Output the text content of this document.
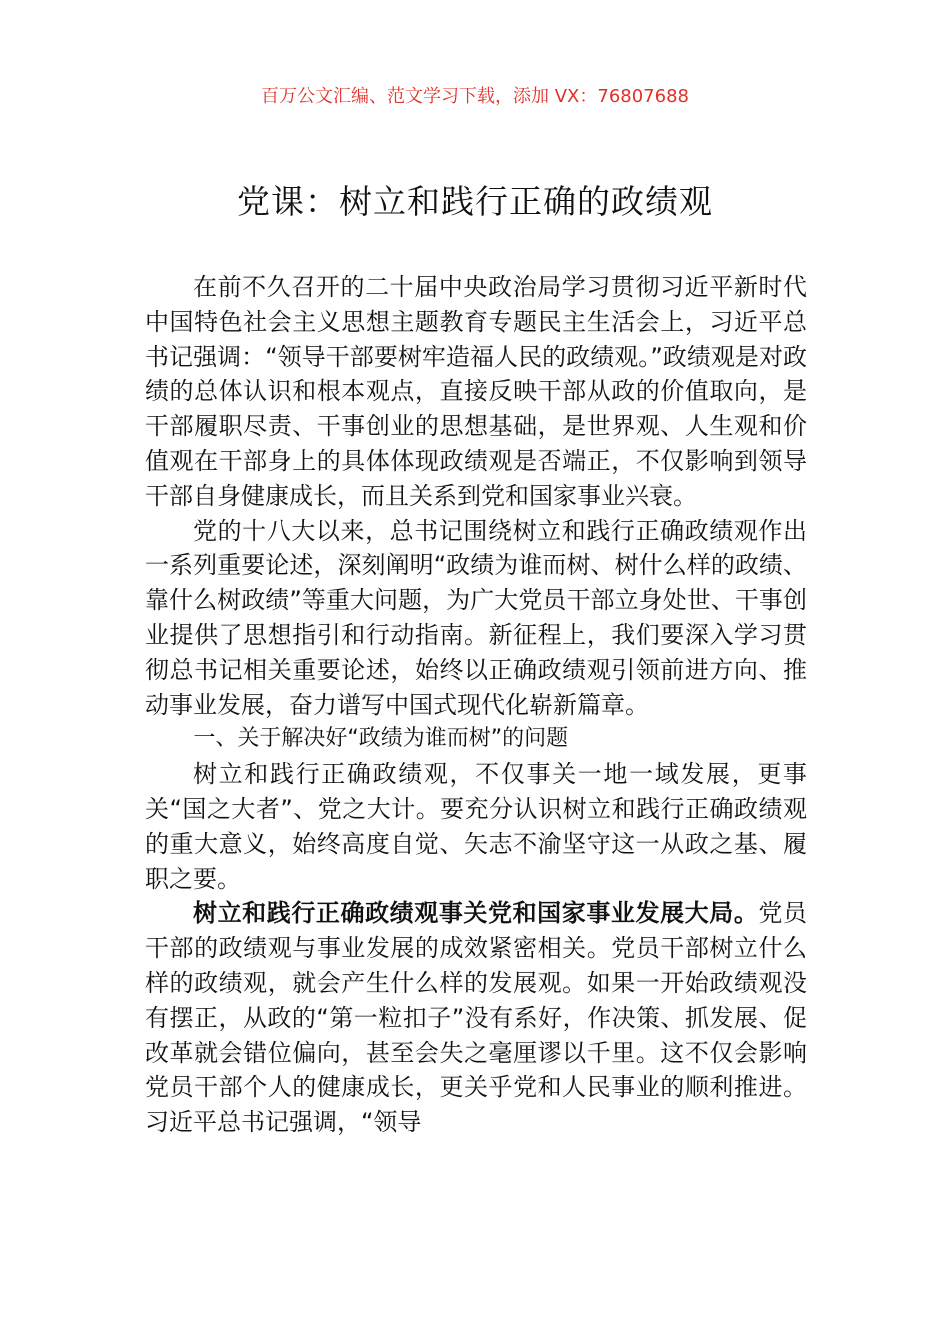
百万公文汇编、范文学习下载，添加 VX：76807688
党课：树立和践行正确的政绩观

在前不久召开的二十届中央政治局学习贯彻习近平新时代中国特色社会主义思想主题教育专题民主生活会上，习近平总书记强调：“领导干部要树牢造福人民的政绩观。”政绩观是对政绩的总体认识和根本观点，直接反映干部从政的价值取向，是干部履职尽责、干事创业的思想基础，是世界观、人生观和价值观在干部身上的具体体现政绩观是否端正，不仅影响到领导干部自身健康成长，而且关系到党和国家事业兴衰。

党的十八大以来，总书记围绕树立和践行正确政绩观作出一系列重要论述，深刻阐明“政绩为谁而树、树什么样的政绩、靠什么树政绩”等重大问题，为广大党员干部立身处世、干事创业提供了思想指引和行动指南。新征程上，我们要深入学习贯彻总书记相关重要论述，始终以正确政绩观引领前进方向、推动事业发展，奋力谱写中国式现代化崭新篇章。

一、关于解决好“政绩为谁而树”的问题

树立和践行正确政绩观，不仅事关一地一域发展，更事关“国之大者”、党之大计。要充分认识树立和践行正确政绩观的重大意义，始终高度自觉、矢志不渝坚守这一从政之基、履职之要。

树立和践行正确政绩观事关党和国家事业发展大局。党员干部的政绩观与事业发展的成效紧密相关。党员干部树立什么样的政绩观，就会产生什么样的发展观。如果一开始政绩观没有摆正，从政的“第一粒扣子”没有系好，作决策、抓发展、促改革就会错位偏向，甚至会失之毫厘谬以千里。这不仅会影响党员干部个人的健康成长，更关乎党和人民事业的顺利推进。习近平总书记强调，“领导
